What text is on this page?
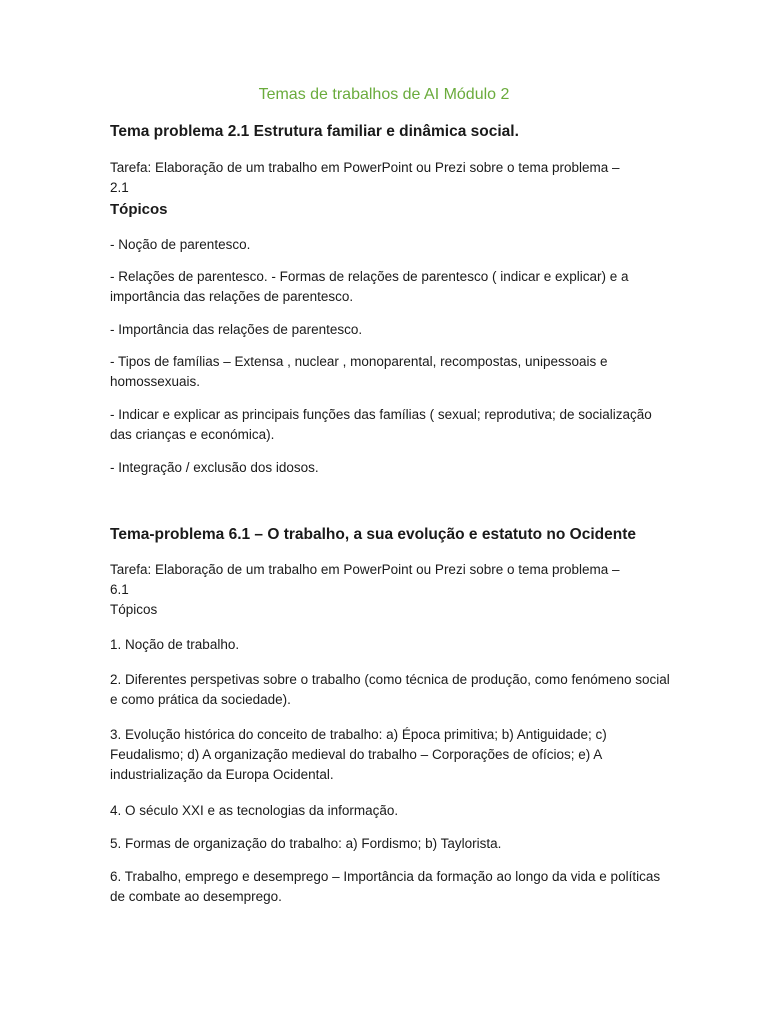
Temas de trabalhos de AI Módulo 2

Tema problema 2.1 Estrutura familiar e dinâmica social.

Tarefa: Elaboração de um trabalho em PowerPoint ou Prezi sobre o tema problema –

2.1

Tópicos

- Noção de parentesco.

- Relações de parentesco. - Formas de relações de parentesco ( indicar e explicar) e a importância das relações de parentesco.

- Importância das relações de parentesco.

- Tipos de famílias – Extensa , nuclear , monoparental, recompostas, unipessoais e homossexuais.

- Indicar e explicar as principais funções das famílias ( sexual; reprodutiva; de socialização das crianças e económica).

- Integração / exclusão dos idosos.

Tema-problema 6.1 – O trabalho, a sua evolução e estatuto no Ocidente

Tarefa: Elaboração de um trabalho em PowerPoint ou Prezi sobre o tema problema –

6.1

Tópicos

1. Noção de trabalho.

2. Diferentes perspetivas sobre o trabalho (como técnica de produção, como fenómeno social e como prática da sociedade).

3. Evolução histórica do conceito de trabalho: a) Época primitiva; b) Antiguidade; c) Feudalismo; d) A organização medieval do trabalho – Corporações de ofícios; e) A industrialização da Europa Ocidental.

4. O século XXI e as tecnologias da informação.

5. Formas de organização do trabalho: a) Fordismo; b) Taylorista.

6. Trabalho, emprego e desemprego – Importância da formação ao longo da vida e políticas de combate ao desemprego.
